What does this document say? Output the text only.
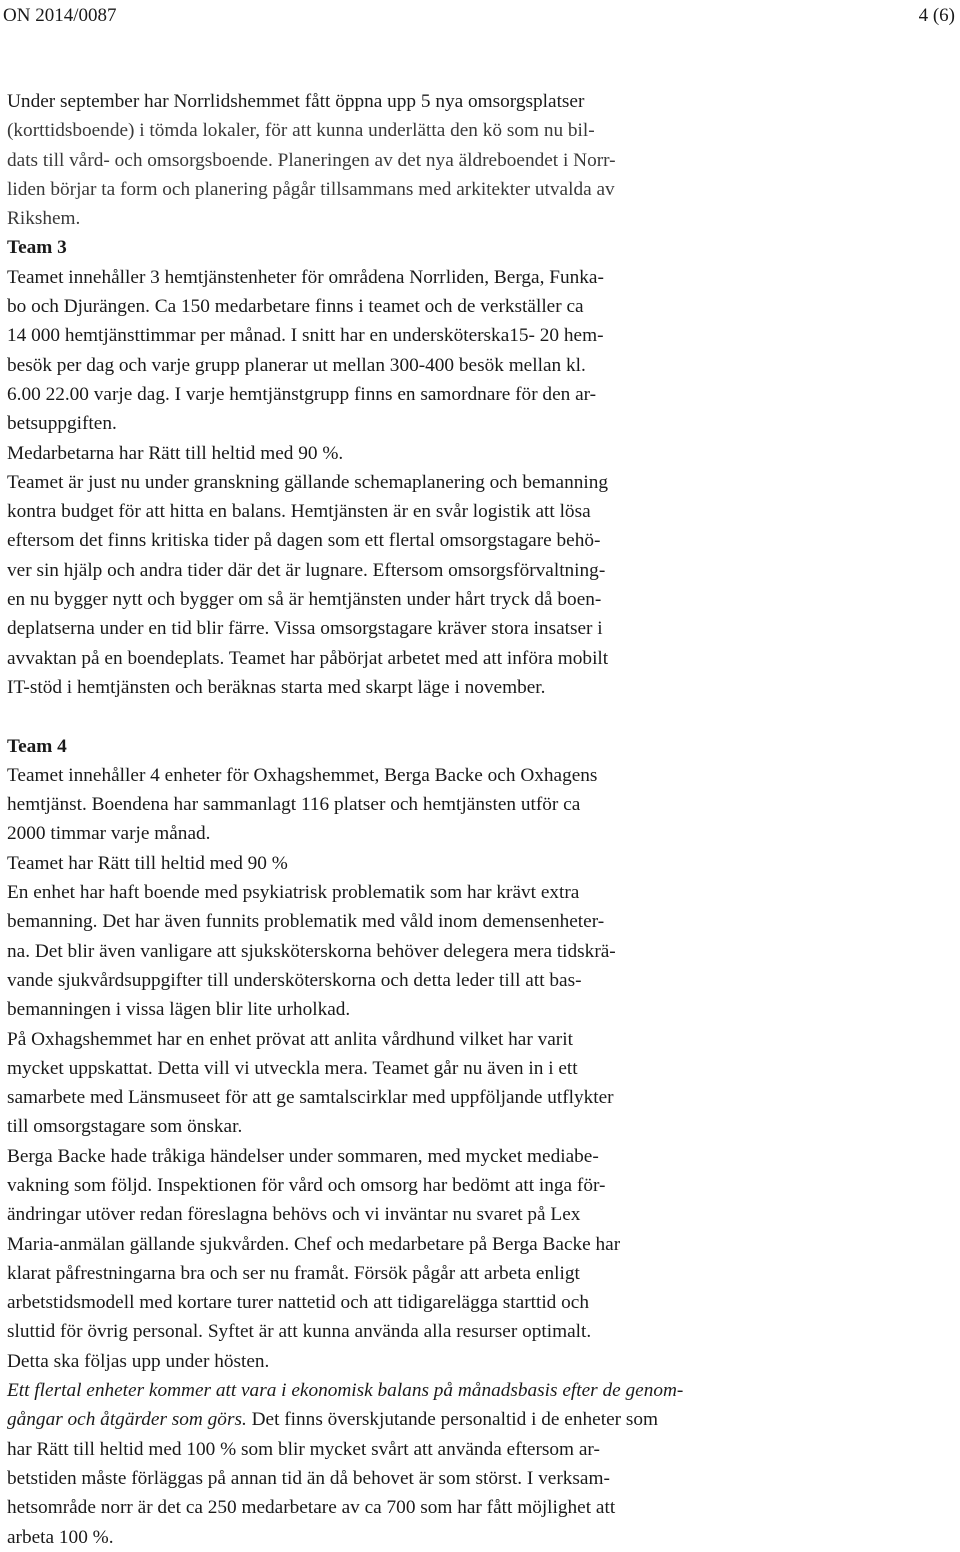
ON 2014/0087	4 (6)
Under september har Norrlidshemmet fått öppna upp 5 nya omsorgsplatser
(korttidsboende) i tömda lokaler, för att kunna underlätta den kö som nu bil-
dats till vård- och omsorgsboende. Planeringen av det nya äldreboendet i Norr-
liden börjar ta form och planering pågår tillsammans med arkitekter utvalda av
Rikshem.
Team 3
Teamet innehåller 3 hemtjänstenheter för områdena Norrliden, Berga, Funka-
bo och Djurängen. Ca 150 medarbetare finns i teamet och de verkställer ca
14 000 hemtjänsttimmar per månad. I snitt har en undersköterska15- 20 hem-
besök per dag och varje grupp planerar ut mellan 300-400 besök mellan kl.
6.00 22.00 varje dag. I varje hemtjänstgrupp finns en samordnare för den ar-
betsuppgiften.
Medarbetarna har Rätt till heltid med 90 %.
Teamet är just nu under granskning gällande schemaplanering och bemanning
kontra budget för att hitta en balans. Hemtjänsten är en svår logistik att lösa
eftersom det finns kritiska tider på dagen som ett flertal omsorgstagare behö-
ver sin hjälp och andra tider där det är lugnare. Eftersom omsorgsförvaltning-
en nu bygger nytt och bygger om så är hemtjänsten under hårt tryck då boen-
deplatserna under en tid blir färre. Vissa omsorgstagare kräver stora insatser i
avvaktan på en boendeplats. Teamet har påbörjat arbetet med att införa mobilt
IT-stöd i hemtjänsten och beräknas starta med skarpt läge i november.
Team 4
Teamet innehåller 4 enheter för Oxhagshemmet, Berga Backe och Oxhagens
hemtjänst. Boendena har sammanlagt 116 platser och hemtjänsten utför ca
2000 timmar varje månad.
Teamet har Rätt till heltid med 90 %
En enhet har haft boende med psykiatrisk problematik som har krävt extra
bemanning. Det har även funnits problematik med våld inom demensenheter-
na. Det blir även vanligare att sjuksköterskorna behöver delegera mera tidskrä-
vande sjukvårdsuppgifter till undersköterskorna och detta leder till att bas-
bemanningen i vissa lägen blir lite urholkad.
På Oxhagshemmet har en enhet prövat att anlita vårdhund vilket har varit
mycket uppskattat. Detta vill vi utveckla mera. Teamet går nu även in i ett
samarbete med Länsmuseet för att ge samtalscirklar med uppföljande utflykter
till omsorgstagare som önskar.
Berga Backe hade tråkiga händelser under sommaren, med mycket mediabe-
vakning som följd. Inspektionen för vård och omsorg har bedömt att inga för-
ändringar utöver redan föreslagna behövs och vi inväntar nu svaret på Lex
Maria-anmälan gällande sjukvården. Chef och medarbetare på Berga Backe har
klarat påfrestningarna bra och ser nu framåt. Försök pågår att arbeta enligt
arbetstidsmodell med kortare turer nattetid och att tidigarelägga starttid och
sluttid för övrig personal. Syftet är att kunna använda alla resurser optimalt.
Detta ska följas upp under hösten.
Ett flertal enheter kommer att vara i ekonomisk balans på månadsbasis efter de genom-
gångar och åtgärder som görs. Det finns överskjutande personaltid i de enheter som
har Rätt till heltid med 100 % som blir mycket svårt att använda eftersom ar-
betstiden måste förläggas på annan tid än då behovet är som störst. I verksam-
hetsområde norr är det ca 250 medarbetare av ca 700 som har fått möjlighet att
arbeta 100 %.
